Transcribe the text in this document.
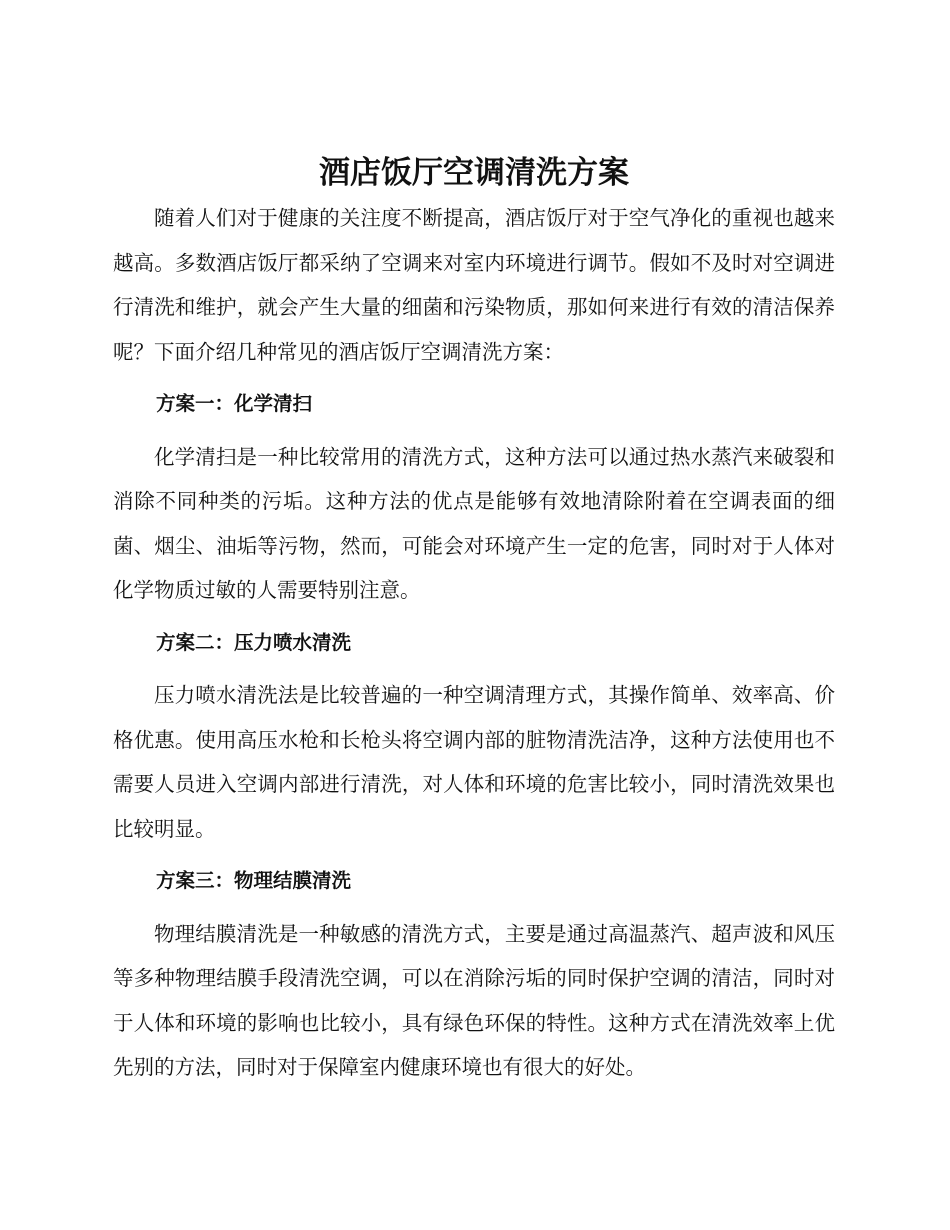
酒店饭厅空调清洗方案

随着人们对于健康的关注度不断提高，酒店饭厅对于空气净化的重视也越来越高。多数酒店饭厅都采纳了空调来对室内环境进行调节。假如不及时对空调进行清洗和维护，就会产生大量的细菌和污染物质，那如何来进行有效的清洁保养呢？下面介绍几种常见的酒店饭厅空调清洗方案：

方案一：化学清扫

化学清扫是一种比较常用的清洗方式，这种方法可以通过热水蒸汽来破裂和消除不同种类的污垢。这种方法的优点是能够有效地清除附着在空调表面的细菌、烟尘、油垢等污物，然而，可能会对环境产生一定的危害，同时对于人体对化学物质过敏的人需要特别注意。

方案二：压力喷水清洗

压力喷水清洗法是比较普遍的一种空调清理方式，其操作简单、效率高、价格优惠。使用高压水枪和长枪头将空调内部的脏物清洗洁净，这种方法使用也不需要人员进入空调内部进行清洗，对人体和环境的危害比较小，同时清洗效果也比较明显。

方案三：物理结膜清洗

物理结膜清洗是一种敏感的清洗方式，主要是通过高温蒸汽、超声波和风压等多种物理结膜手段清洗空调，可以在消除污垢的同时保护空调的清洁，同时对于人体和环境的影响也比较小，具有绿色环保的特性。这种方式在清洗效率上优先别的方法，同时对于保障室内健康环境也有很大的好处。
